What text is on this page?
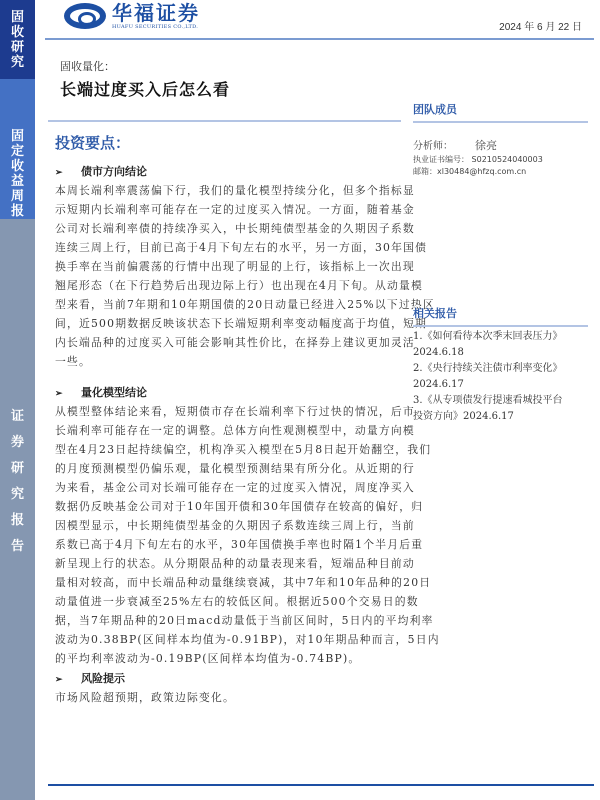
固
收
研
究
固
定
收
益
周
报
证
券
研
究
报
告
华福证券
HUAFU SECURITIES CO.,LTD.	2024 年 6 月 22 日
固收量化：
长端过度买入后怎么看
投资要点：
➢ 债市方向结论
本周长端利率震荡偏下行，我们的量化模型持续分化，但多个指标显
示短期内长端利率可能存在一定的过度买入情况。一方面，随着基金
公司对长端利率债的持续净买入，中长期纯债型基金的久期因子系数
连续三周上行，目前已高于4月下旬左右的水平，另一方面，30年国债
换手率在当前偏震荡的行情中出现了明显的上行，该指标上一次出现
翘尾形态（在下行趋势后出现边际上行）也出现在4月下旬。从动量模
型来看，当前7年期和10年期国债的20日动量已经进入25%以下过热区
间，近500期数据反映该状态下长端短期利率变动幅度高于均值，短期
内长端品种的过度买入可能会影响其性价比，在择券上建议更加灵活
一些。
➢ 量化模型结论
从模型整体结论来看，短期债市存在长端利率下行过快的情况，后市
长端利率可能存在一定的调整。总体方向性观测模型中，动量方向模
型在4月23日起持续偏空，机构净买入模型在5月8日起开始翻空，我们
的月度预测模型仍偏乐观，量化模型预测结果有所分化。从近期的行
为来看，基金公司对长端可能存在一定的过度买入情况，周度净买入
数据仍反映基金公司对于10年国开债和30年国债存在较高的偏好，归
因模型显示，中长期纯债型基金的久期因子系数连续三周上行，当前
系数已高于4月下旬左右的水平，30年国债换手率也时隔1个半月后重
新呈现上行的状态。从分期限品种的动量表现来看，短端品种目前动
量相对较高，而中长端品种动量继续衰减，其中7年和10年品种的20日
动量值进一步衰减至25%左右的较低区间。根据近500个交易日的数
据，当7年期品种的20日macd动量低于当前区间时，5日内的平均利率
波动为0.38BP(区间样本均值为-0.91BP)，对10年期品种而言，5日内
的平均利率波动为-0.19BP(区间样本均值为-0.74BP)。
➢ 风险提示
市场风险超预期，政策边际变化。
团队成员
分析师： 徐亮
执业证书编号： S0210524040003
邮箱：xl30484@hfzq.com.cn
相关报告
1.《如何看待本次季末回表压力》
2024.6.18
2.《央行持续关注债市利率变化》
2024.6.17
3.《从专项债发行提速看城投平台
投资方向》2024.6.17
